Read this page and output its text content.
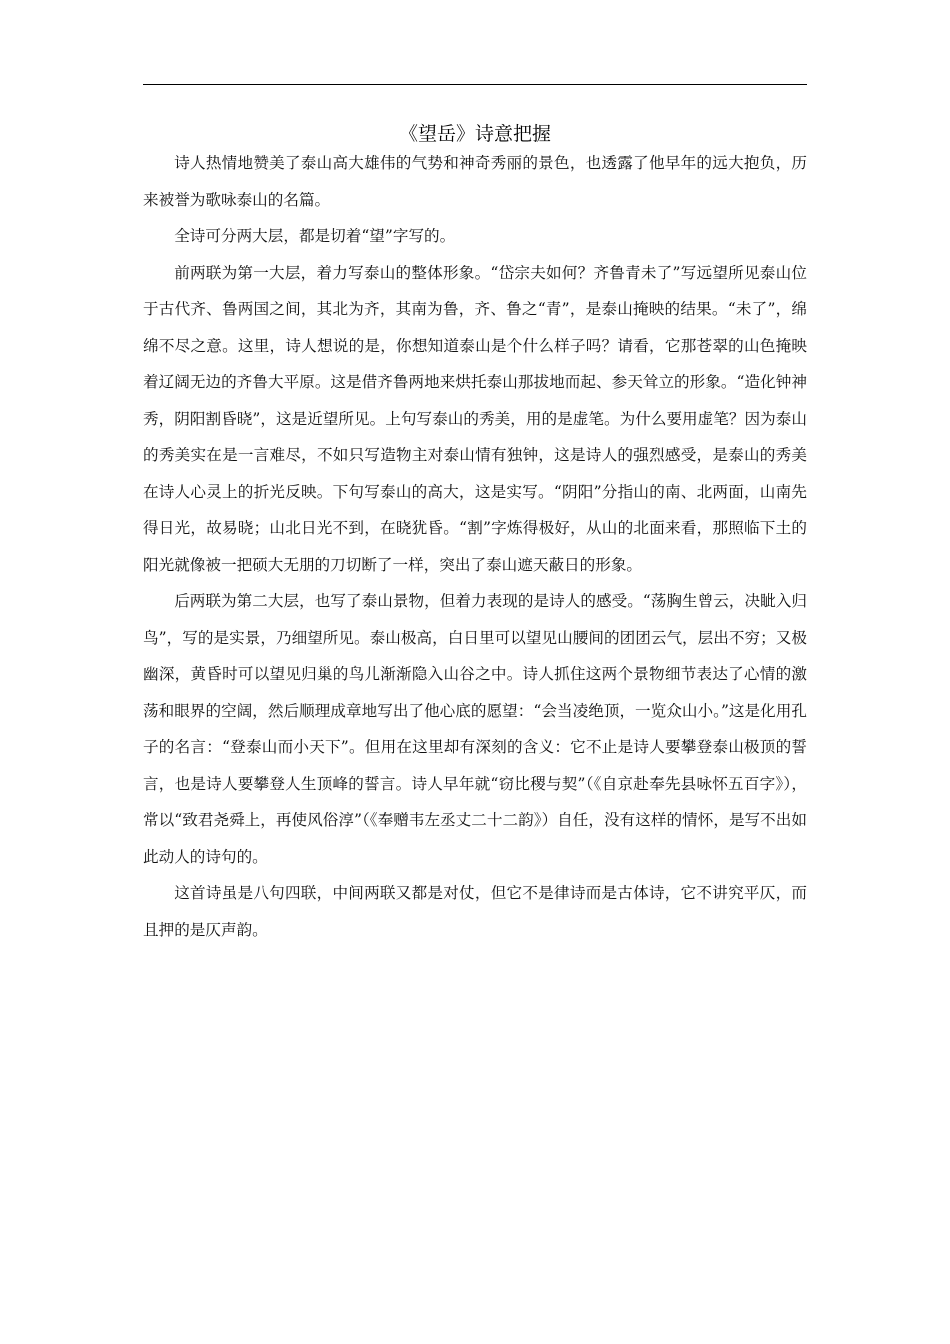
《望岳》诗意把握

诗人热情地赞美了泰山高大雄伟的气势和神奇秀丽的景色，也透露了他早年的远大抱负，历来被誉为歌咏泰山的名篇。

全诗可分两大层，都是切着“望”字写的。

前两联为第一大层，着力写泰山的整体形象。“岱宗夫如何？齐鲁青未了”写远望所见泰山位于古代齐、鲁两国之间，其北为齐，其南为鲁，齐、鲁之“青”，是泰山掩映的结果。“未了”，绵绵不尽之意。这里，诗人想说的是，你想知道泰山是个什么样子吗？请看，它那苍翠的山色掩映着辽阔无边的齐鲁大平原。这是借齐鲁两地来烘托泰山那拔地而起、参天耸立的形象。“造化钟神秀，阴阳割昏晓”，这是近望所见。上句写泰山的秀美，用的是虚笔。为什么要用虚笔？因为泰山的秀美实在是一言难尽，不如只写造物主对泰山情有独钟，这是诗人的强烈感受，是泰山的秀美在诗人心灵上的折光反映。下句写泰山的高大，这是实写。“阴阳”分指山的南、北两面，山南先得日光，故易晓；山北日光不到，在晓犹昏。“割”字炼得极好，从山的北面来看，那照临下土的阳光就像被一把硕大无朋的刀切断了一样，突出了泰山遮天蔽日的形象。

后两联为第二大层，也写了泰山景物，但着力表现的是诗人的感受。“荡胸生曾云，决眦入归鸟”，写的是实景，乃细望所见。泰山极高，白日里可以望见山腰间的团团云气，层出不穷；又极幽深，黄昏时可以望见归巢的鸟儿渐渐隐入山谷之中。诗人抓住这两个景物细节表达了心情的激荡和眼界的空阔，然后顺理成章地写出了他心底的愿望：“会当凌绝顶，一览众山小。”这是化用孔子的名言：“登泰山而小天下”。但用在这里却有深刻的含义：它不止是诗人要攀登泰山极顶的誓言，也是诗人要攀登人生顶峰的誓言。诗人早年就“窃比稷与契”（《自京赴奉先县咏怀五百字》），常以“致君尧舜上，再使风俗淳”（《奉赠韦左丞丈二十二韵》）自任，没有这样的情怀，是写不出如此动人的诗句的。

这首诗虽是八句四联，中间两联又都是对仗，但它不是律诗而是古体诗，它不讲究平仄，而且押的是仄声韵。
